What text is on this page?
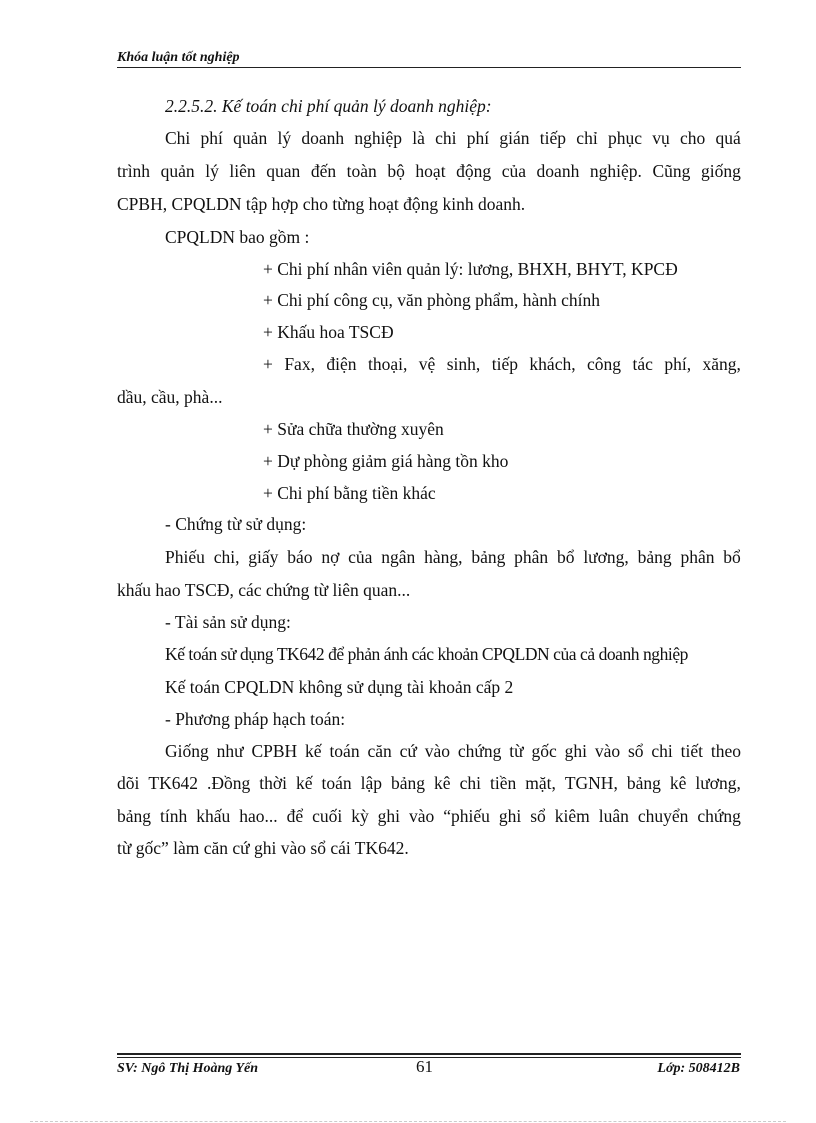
Khóa luận tốt nghiệp
2.2.5.2. Kế toán chi phí quản lý doanh nghiệp:
Chi phí quản lý doanh nghiệp là chi phí gián tiếp chỉ phục vụ cho quá
trình quản lý liên quan đến toàn bộ hoạt động của doanh nghiệp. Cũng giống
CPBH, CPQLDN tập hợp cho từng hoạt động kinh doanh.
CPQLDN bao gồm :
+ Chi phí nhân viên quản lý: lương, BHXH, BHYT, KPCĐ
+ Chi phí công cụ, văn phòng phẩm, hành chính
+ Khấu hoa TSCĐ
+ Fax, điện thoại, vệ sinh, tiếp khách, công tác phí, xăng,
dầu, cầu, phà...
+ Sửa chữa thường xuyên
+ Dự phòng giảm giá hàng tồn kho
+ Chi phí bằng tiền khác
- Chứng từ sử dụng:
Phiếu chi, giấy báo nợ của ngân hàng, bảng phân bổ lương, bảng phân bổ
khấu hao TSCĐ, các chứng từ liên quan...
- Tài sản sử dụng:
Kế toán sử dụng TK642 để phản ánh các khoản CPQLDN của cả doanh nghiệp
Kế toán CPQLDN không sử dụng tài khoản cấp 2
- Phương pháp hạch toán:
Giống như CPBH kế toán căn cứ vào chứng từ gốc ghi vào sổ chi tiết theo
dõi TK642 .Đồng thời kế toán lập bảng kê chi tiền mặt, TGNH, bảng kê lương,
bảng tính khấu hao... để cuối kỳ ghi vào “phiếu ghi sổ kiêm luân chuyển chứng
từ gốc” làm căn cứ ghi vào sổ cái TK642.
SV: Ngô Thị Hoàng Yến	61	Lớp: 508412B
